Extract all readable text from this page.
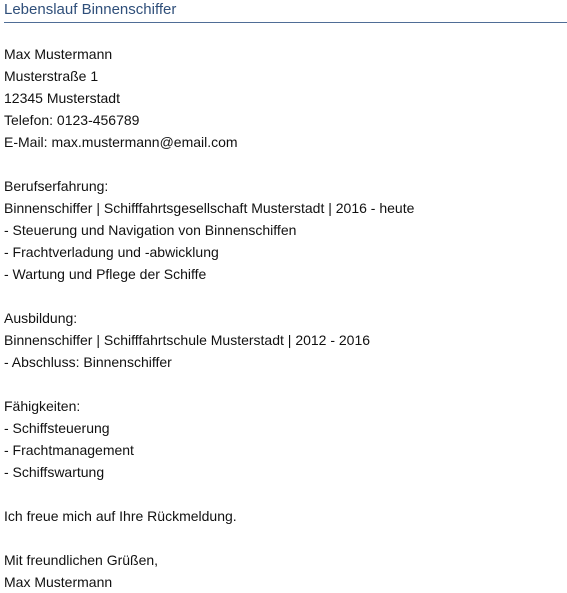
Lebenslauf Binnenschiffer
Max Mustermann
Musterstraße 1
12345 Musterstadt
Telefon: 0123-456789
E-Mail: max.mustermann@email.com
Berufserfahrung:
Binnenschiffer | Schifffahrtsgesellschaft Musterstadt | 2016 - heute
- Steuerung und Navigation von Binnenschiffen
- Frachtverladung und -abwicklung
- Wartung und Pflege der Schiffe
Ausbildung:
Binnenschiffer | Schifffahrtschule Musterstadt | 2012 - 2016
- Abschluss: Binnenschiffer
Fähigkeiten:
- Schiffsteuerung
- Frachtmanagement
- Schiffswartung
Ich freue mich auf Ihre Rückmeldung.
Mit freundlichen Grüßen,
Max Mustermann
